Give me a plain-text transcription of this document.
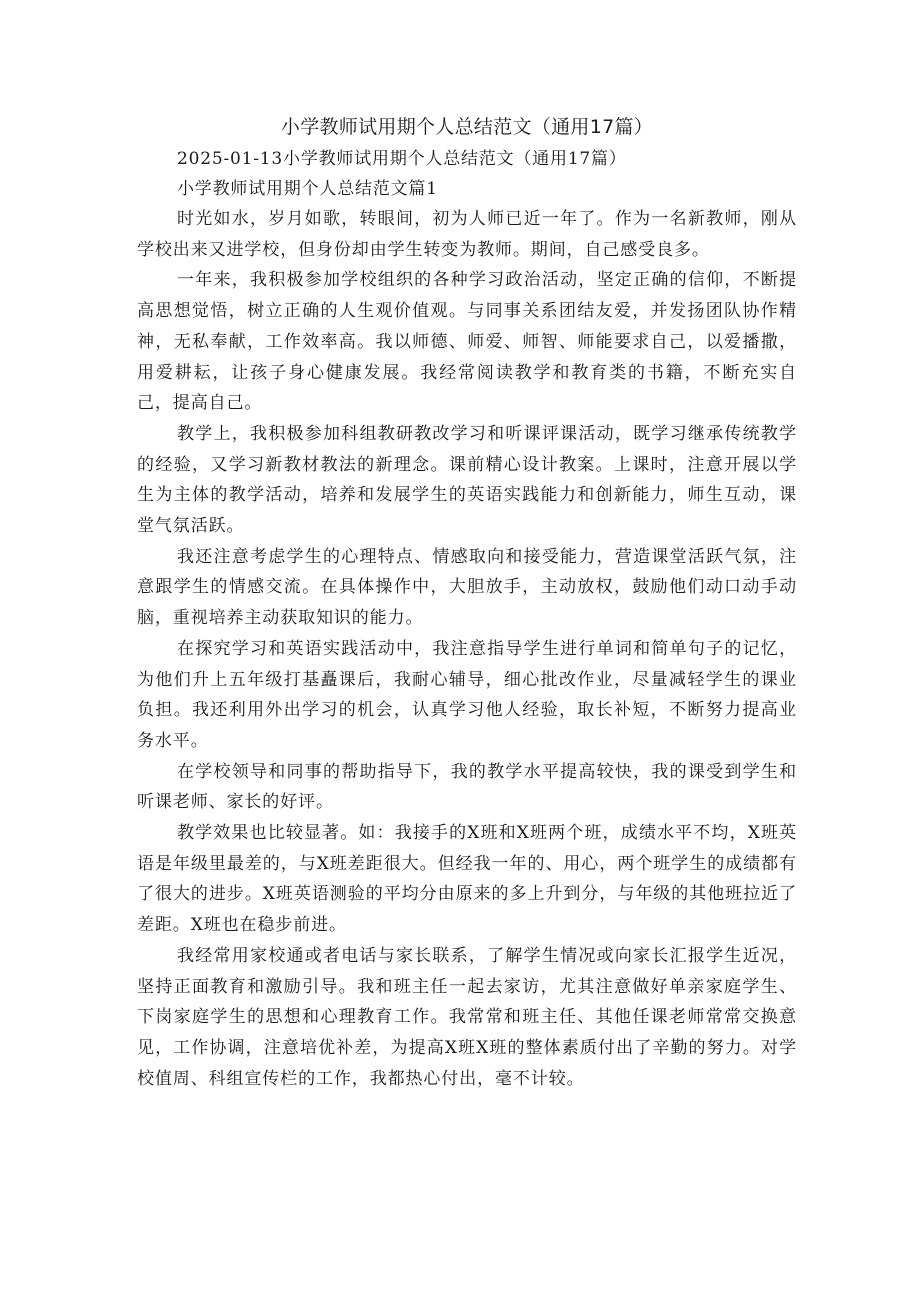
小学教师试用期个人总结范文（通用17篇）

2025-01-13小学教师试用期个人总结范文（通用17篇）

小学教师试用期个人总结范文篇1

时光如水，岁月如歌，转眼间，初为人师已近一年了。作为一名新教师，刚从学校出来又进学校，但身份却由学生转变为教师。期间，自己感受良多。

一年来，我积极参加学校组织的各种学习政治活动，坚定正确的信仰，不断提高思想觉悟，树立正确的人生观价值观。与同事关系团结友爱，并发扬团队协作精神，无私奉献，工作效率高。我以师德、师爱、师智、师能要求自己，以爱播撒，用爱耕耘，让孩子身心健康发展。我经常阅读教学和教育类的书籍，不断充实自己，提高自己。

教学上，我积极参加科组教研教改学习和听课评课活动，既学习继承传统教学的经验，又学习新教材教法的新理念。课前精心设计教案。上课时，注意开展以学生为主体的教学活动，培养和发展学生的英语实践能力和创新能力，师生互动，课堂气氛活跃。

我还注意考虑学生的心理特点、情感取向和接受能力，营造课堂活跃气氛，注意跟学生的情感交流。在具体操作中，大胆放手，主动放权，鼓励他们动口动手动脑，重视培养主动获取知识的能力。

在探究学习和英语实践活动中，我注意指导学生进行单词和简单句子的记忆，为他们升上五年级打基矗课后，我耐心辅导，细心批改作业，尽量减轻学生的课业负担。我还利用外出学习的机会，认真学习他人经验，取长补短，不断努力提高业务水平。

在学校领导和同事的帮助指导下，我的教学水平提高较快，我的课受到学生和听课老师、家长的好评。

教学效果也比较显著。如：我接手的X班和X班两个班，成绩水平不均，X班英语是年级里最差的，与X班差距很大。但经我一年的、用心，两个班学生的成绩都有了很大的进步。X班英语测验的平均分由原来的多上升到分，与年级的其他班拉近了差距。X班也在稳步前进。

我经常用家校通或者电话与家长联系，了解学生情况或向家长汇报学生近况，坚持正面教育和激励引导。我和班主任一起去家访，尤其注意做好单亲家庭学生、下岗家庭学生的思想和心理教育工作。我常常和班主任、其他任课老师常常交换意见，工作协调，注意培优补差，为提高X班X班的整体素质付出了辛勤的努力。对学校值周、科组宣传栏的工作，我都热心付出，毫不计较。
